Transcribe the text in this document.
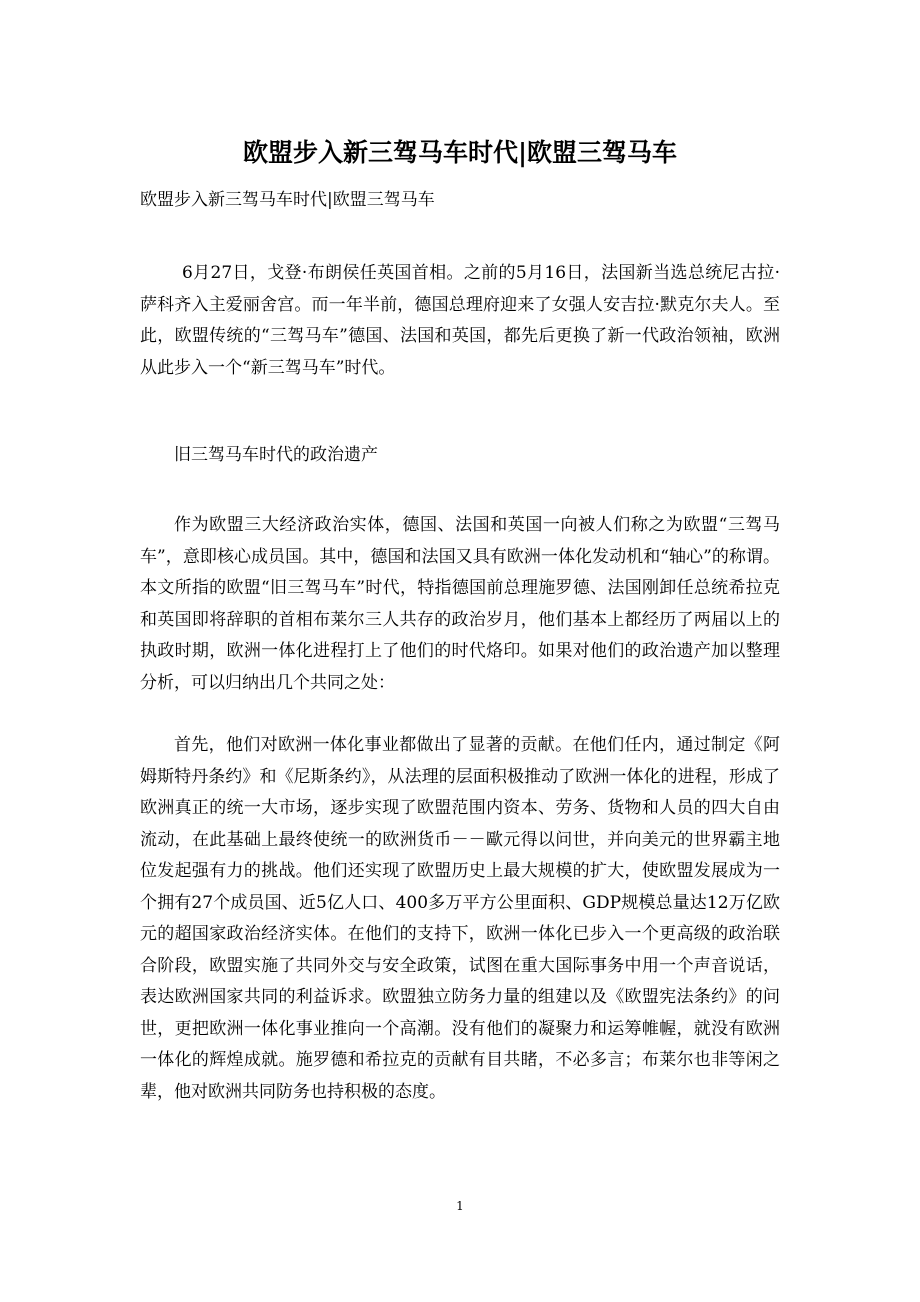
欧盟步入新三驾马车时代|欧盟三驾马车
欧盟步入新三驾马车时代|欧盟三驾马车

6月27日，戈登·布朗侯任英国首相。之前的5月16日，法国新当选总统尼古拉·萨科齐入主爱丽舍宫。而一年半前，德国总理府迎来了女强人安吉拉·默克尔夫人。至此，欧盟传统的“三驾马车”德国、法国和英国，都先后更换了新一代政治领袖，欧洲从此步入一个“新三驾马车”时代。

旧三驾马车时代的政治遗产

作为欧盟三大经济政治实体，德国、法国和英国一向被人们称之为欧盟“三驾马车”，意即核心成员国。其中，德国和法国又具有欧洲一体化发动机和“轴心”的称谓。本文所指的欧盟“旧三驾马车”时代，特指德国前总理施罗德、法国刚卸任总统希拉克和英国即将辞职的首相布莱尔三人共存的政治岁月，他们基本上都经历了两届以上的执政时期，欧洲一体化进程打上了他们的时代烙印。如果对他们的政治遗产加以整理分析，可以归纳出几个共同之处：

首先，他们对欧洲一体化事业都做出了显著的贡献。在他们任内，通过制定《阿姆斯特丹条约》和《尼斯条约》，从法理的层面积极推动了欧洲一体化的进程，形成了欧洲真正的统一大市场，逐步实现了欧盟范围内资本、劳务、货物和人员的四大自由流动，在此基础上最终使统一的欧洲货币－－歐元得以问世，并向美元的世界霸主地位发起强有力的挑战。他们还实现了欧盟历史上最大规模的扩大，使欧盟发展成为一个拥有27个成员国、近5亿人口、400多万平方公里面积、GDP规模总量达12万亿欧元的超国家政治经济实体。在他们的支持下，欧洲一体化已步入一个更高级的政治联合阶段，欧盟实施了共同外交与安全政策，试图在重大国际事务中用一个声音说话，表达欧洲国家共同的利益诉求。欧盟独立防务力量的组建以及《欧盟宪法条约》的问世，更把欧洲一体化事业推向一个高潮。没有他们的凝聚力和运筹帷幄，就没有欧洲一体化的辉煌成就。施罗德和希拉克的贡献有目共睹，不必多言；布莱尔也非等闲之辈，他对欧洲共同防务也持积极的态度。

1
